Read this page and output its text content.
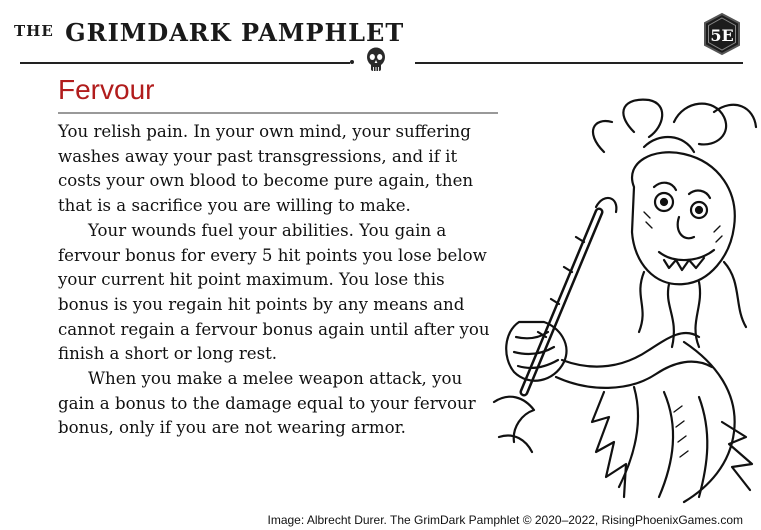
$^{THE}$ GRIMDARK PAMPHLET	5E
Fervour

You relish pain. In your own mind, your suffering washes away your past transgressions, and if it costs your own blood to become pure again, then that is a sacrifice you are willing to make.

Your wounds fuel your abilities. You gain a fervour bonus for every 5 hit points you lose below your current hit point maximum. You lose this bonus is you regain hit points by any means and cannot regain a fervour bonus again until after you finish a short or long rest.

When you make a melee weapon attack, you gain a bonus to the damage equal to your fervour bonus, only if you are not wearing armor.

Image: Albrecht Durer. The GrimDark Pamphlet © 2020–2022, RisingPhoenixGames.com
